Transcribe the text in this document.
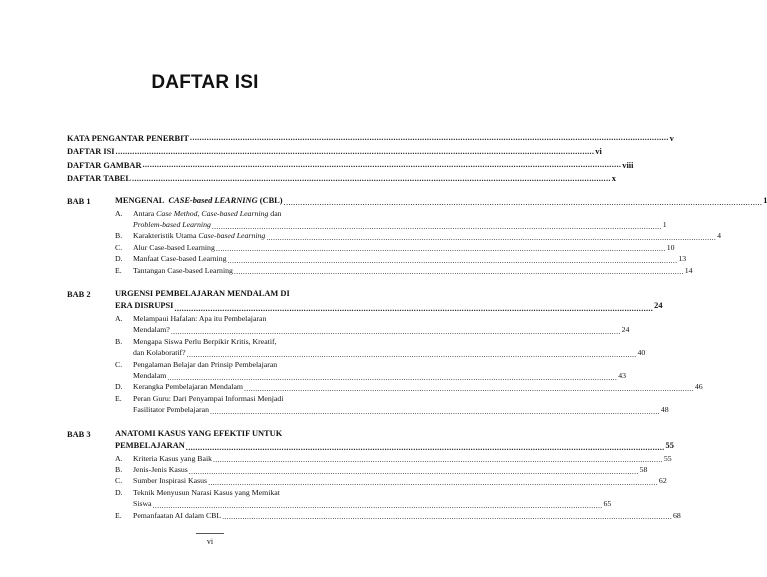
DAFTAR ISI
KATA PENGANTAR PENERBIT .....	v
DAFTAR ISI .....	vi
DAFTAR GAMBAR .....	viii
DAFTAR TABEL .....	x
BAB 1	MENGENAL  CASE-based LEARNING (CBL) .....	1
A.	Antara Case Method, Case-based Learning dan
Problem-based Learning .....	1
B.	Karakteristik Utama Case-based Learning .....	4
C.	Alur Case-based Learning .....	10
D.	Manfaat Case-based Learning .....	13
E.	Tantangan Case-based Learning .....	14
BAB 2	URGENSI PEMBELAJARAN MENDALAM DI
ERA DISRUPSI .....	24
A.	Melampaui Hafalan: Apa itu Pembelajaran
Mendalam? .....	24
B.	Mengapa Siswa Perlu Berpikir Kritis, Kreatif,
dan Kolaboratif? .....	40
C.	Pengalaman Belajar dan Prinsip Pembelajaran
Mendalam .....	43
D.	Kerangka Pembelajaran Mendalam .....	46
E.	Peran Guru: Dari Penyampai Informasi Menjadi
Fasilitator Pembelajaran .....	48
BAB 3	ANATOMI KASUS YANG EFEKTIF UNTUK
PEMBELAJARAN .....	55
A.	Kriteria Kasus yang Baik .....	55
B.	Jenis-Jenis Kasus .....	58
C.	Sumber Inspirasi Kasus .....	62
D.	Teknik Menyusun Narasi Kasus yang Memikat
Siswa .....	65
E.	Pemanfaatan AI dalam CBL .....	68
vi
